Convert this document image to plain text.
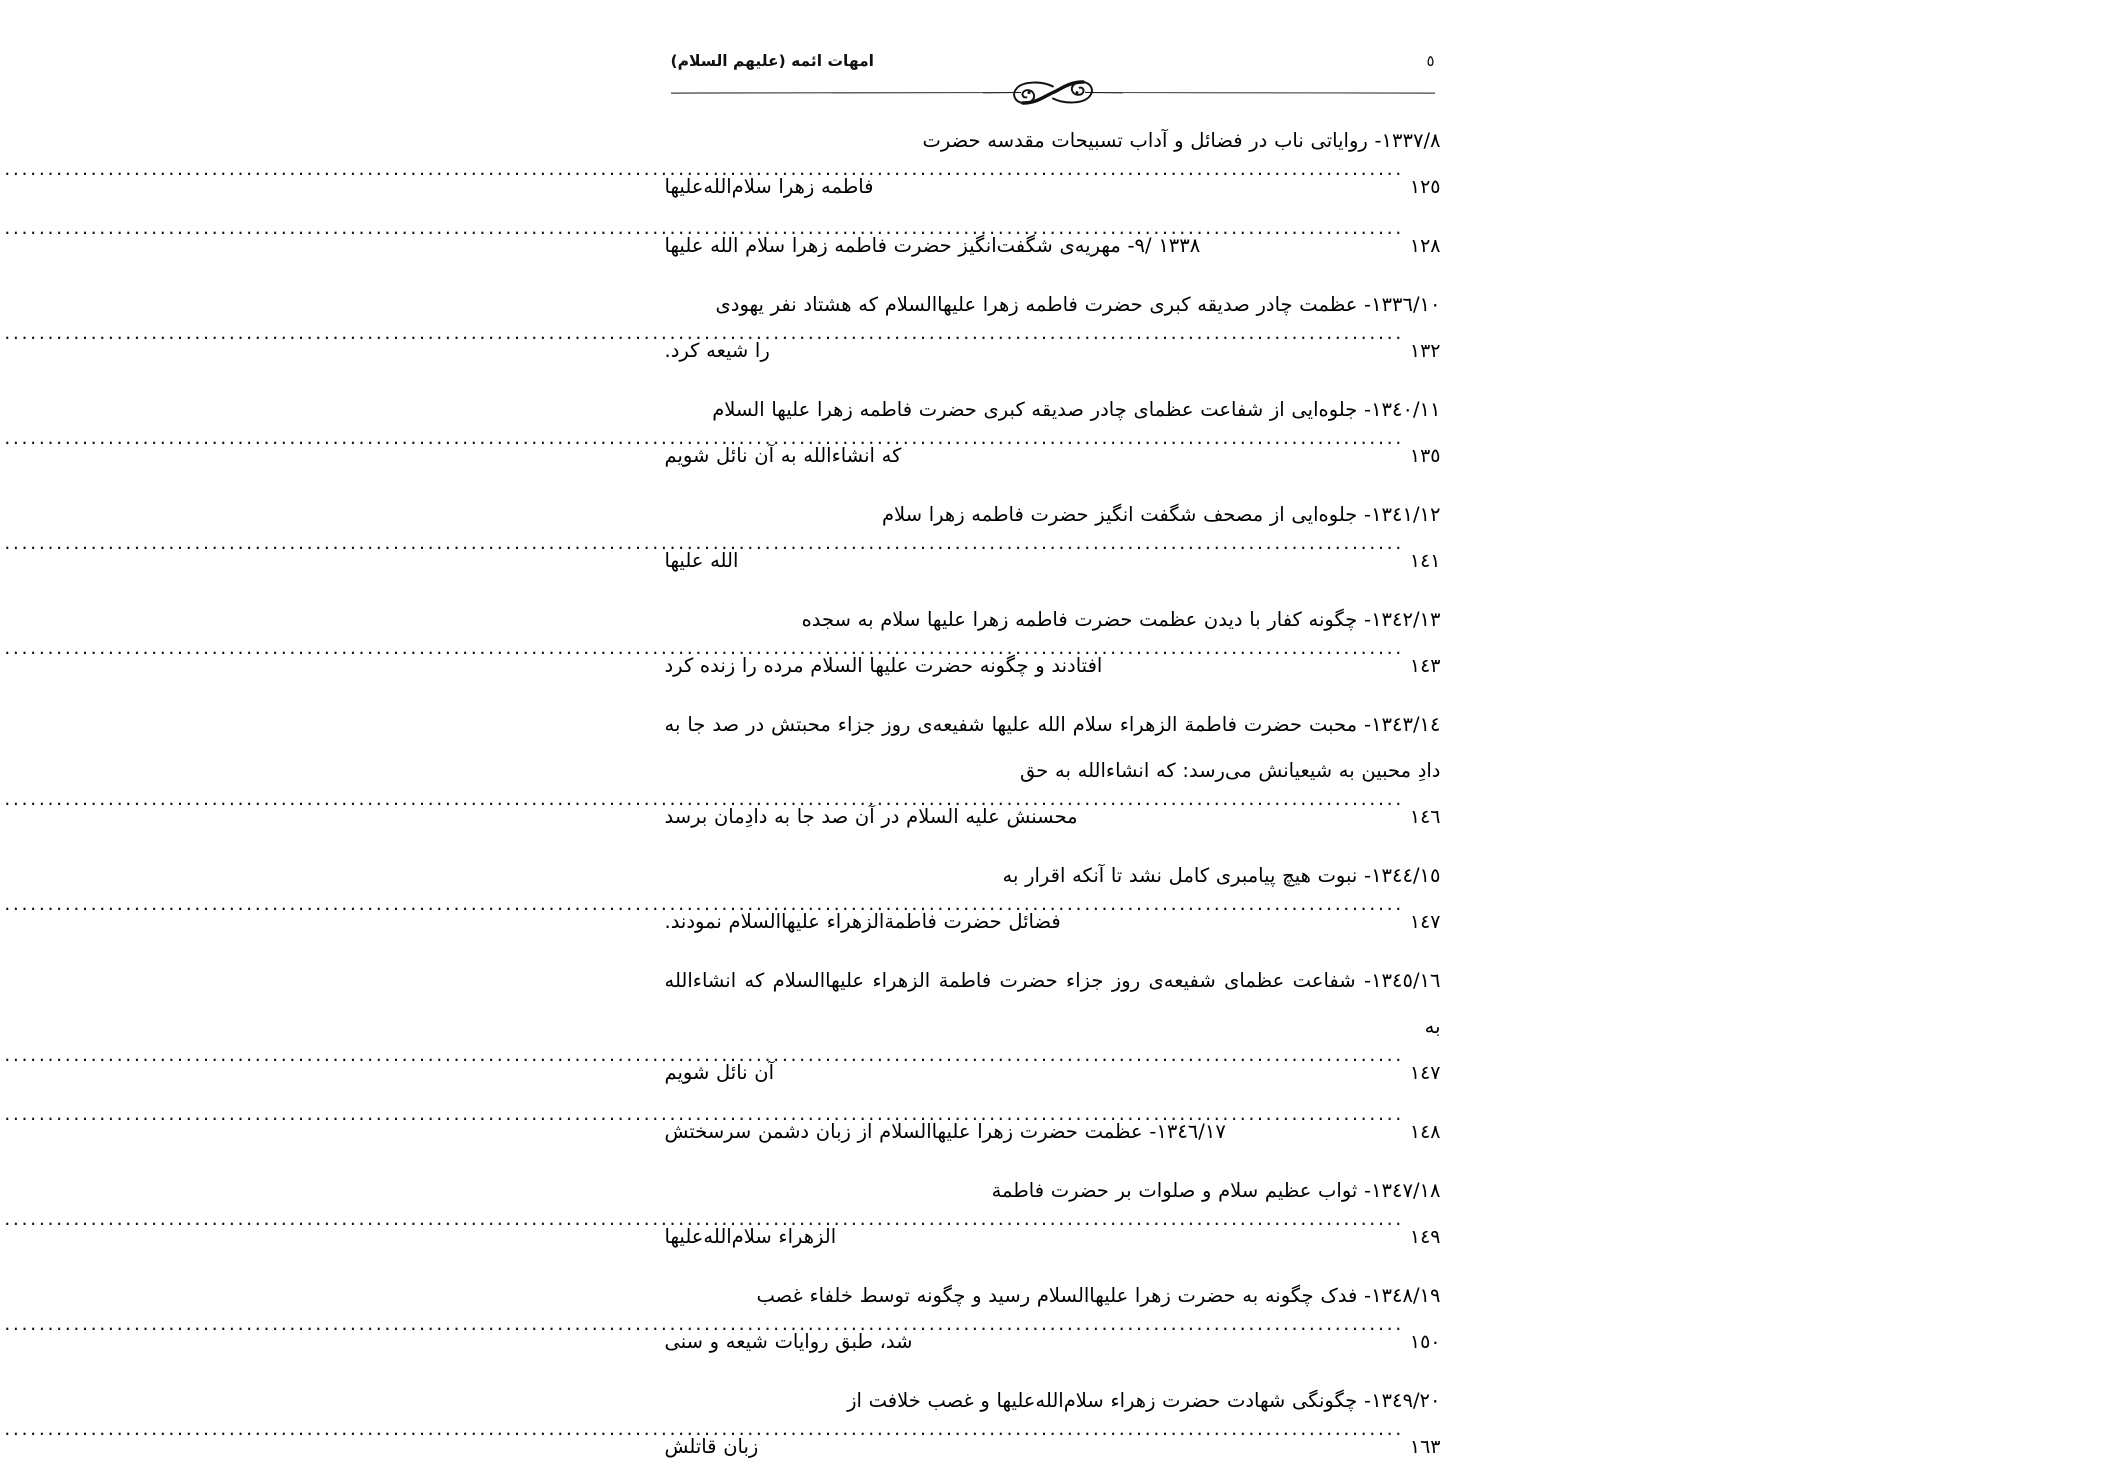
امهات ائمه (علیهم السلام)	٥
١٣٣٧/٨- روایاتی ناب در فضائل و آداب تسبیحات مقدسه حضرت
فاطمه زهرا سلام‌الله‌علیها .....	١٢٥
١٣٣٨ /٩- مهریه‌ی شگفت‌انگیز حضرت فاطمه زهرا سلام الله علیها .....	١٢٨
١٣٣٦/١٠- عظمت چادر صدیقه کبری حضرت فاطمه زهرا علیهاالسلام که هشتاد نفر یهودی
را شیعه کرد. .....	١٣٢
١٣٤٠/١١- جلوه‌ایی از شفاعت عظمای چادر صدیقه کبری حضرت فاطمه زهرا علیها السلام
که انشاءالله به آن نائل شویم .....	١٣٥
١٣٤١/١٢- جلوه‌ایی از مصحف شگفت انگیز حضرت فاطمه زهرا سلام
الله علیها .....	١٤١
١٣٤٢/١٣- چگونه کفار با دیدن عظمت حضرت فاطمه زهرا علیها سلام به سجده
افتادند و چگونه حضرت علیها السلام مرده را زنده کرد .....	١٤٣
١٣٤٣/١٤- محبت حضرت فاطمة الزهراء سلام الله علیها شفیعه‌ی روز جزاء محبتش در صد جا به دادِ محبین به شیعیانش می‌رسد: که انشاءالله به حق
محسنش علیه السلام در آن صد جا به دادِمان برسد .....	١٤٦
١٣٤٤/١٥- نبوت هیچ پیامبری کامل نشد تا آنکه اقرار به
فضائل حضرت فاطمةالزهراء علیهاالسلام نمودند. .....	١٤٧
١٣٤٥/١٦- شفاعت عظمای شفیعه‌ی روز جزاء حضرت فاطمة الزهراء علیهاالسلام که انشاءالله به
آن نائل شویم .....	١٤٧
١٣٤٦/١٧- عظمت حضرت زهرا علیهاالسلام از زبان دشمن سرسختش .....	١٤٨
١٣٤٧/١٨- ثواب عظیم سلام و صلوات بر حضرت فاطمة
الزهراء سلام‌الله‌علیها .....	١٤٩
١٣٤٨/١٩- فدک چگونه به حضرت زهرا علیهاالسلام رسید و چگونه توسط خلفاء غصب
شد، طبق روایات شیعه و سنی .....	١٥٠
١٣٤٩/٢٠- چگونگی شهادت حضرت زهراء سلام‌الله‌علیها و غصب خلافت از
زبان قاتلش .....	١٦٣
